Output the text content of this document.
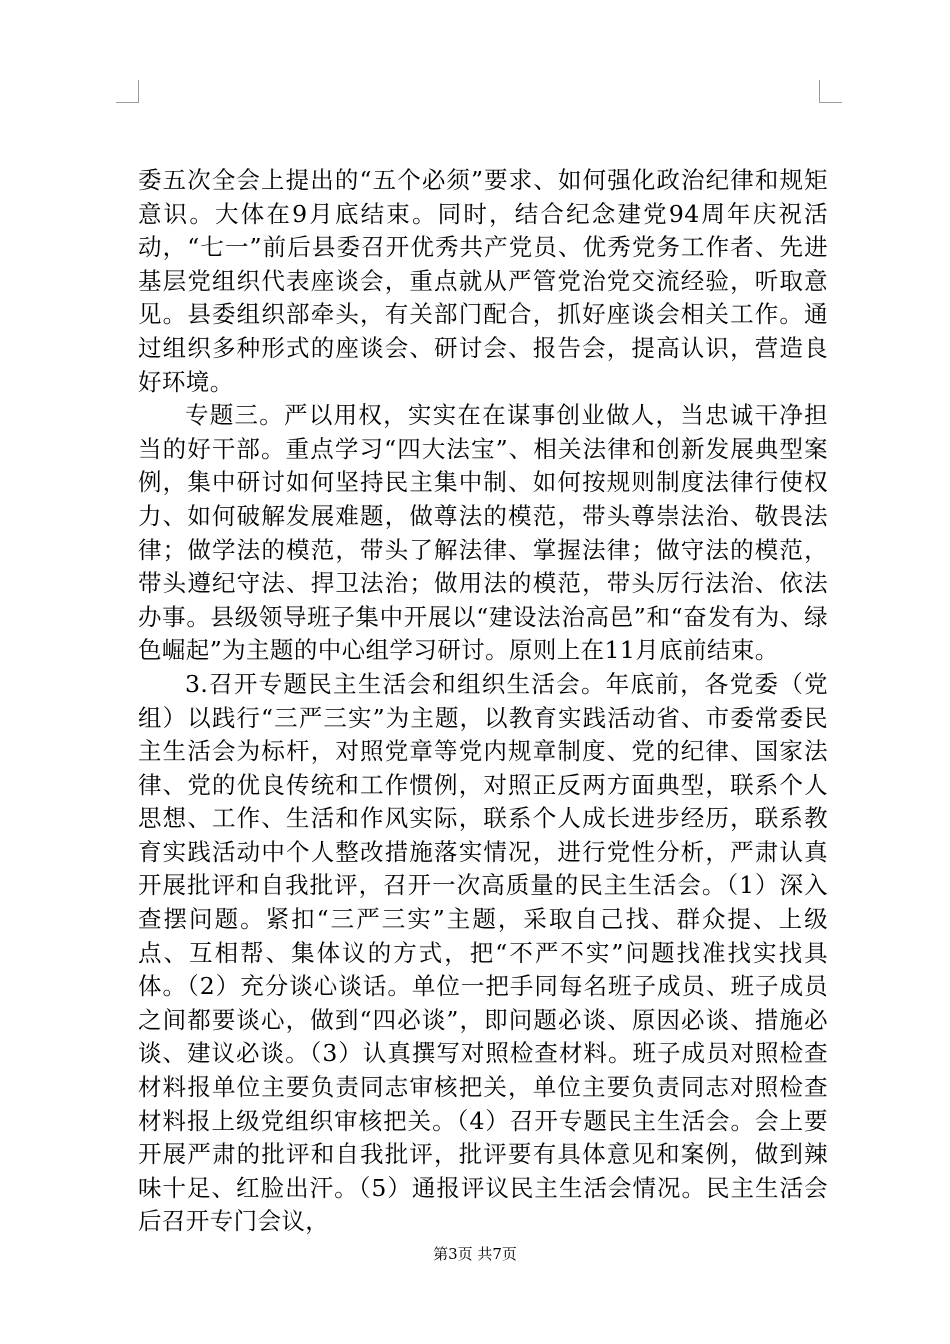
委五次全会上提出的“五个必须”要求、如何强化政治纪律和规矩意识。大体在9月底结束。同时，结合纪念建党94周年庆祝活动，“七一”前后县委召开优秀共产党员、优秀党务工作者、先进基层党组织代表座谈会，重点就从严管党治党交流经验，听取意见。县委组织部牵头，有关部门配合，抓好座谈会相关工作。通过组织多种形式的座谈会、研讨会、报告会，提高认识，营造良好环境。

专题三。严以用权，实实在在谋事创业做人，当忠诚干净担当的好干部。重点学习“四大法宝”、相关法律和创新发展典型案例，集中研讨如何坚持民主集中制、如何按规则制度法律行使权力、如何破解发展难题，做尊法的模范，带头尊崇法治、敬畏法律；做学法的模范，带头了解法律、掌握法律；做守法的模范，带头遵纪守法、捍卫法治；做用法的模范，带头厉行法治、依法办事。县级领导班子集中开展以“建设法治高邑”和“奋发有为、绿色崛起”为主题的中心组学习研讨。原则上在11月底前结束。

3.召开专题民主生活会和组织生活会。年底前，各党委（党组）以践行“三严三实”为主题，以教育实践活动省、市委常委民主生活会为标杆，对照党章等党内规章制度、党的纪律、国家法律、党的优良传统和工作惯例，对照正反两方面典型，联系个人思想、工作、生活和作风实际，联系个人成长进步经历，联系教育实践活动中个人整改措施落实情况，进行党性分析，严肃认真开展批评和自我批评，召开一次高质量的民主生活会。（1）深入查摆问题。紧扣“三严三实”主题，采取自己找、群众提、上级点、互相帮、集体议的方式，把“不严不实”问题找准找实找具体。（2）充分谈心谈话。单位一把手同每名班子成员、班子成员之间都要谈心，做到“四必谈”，即问题必谈、原因必谈、措施必谈、建议必谈。（3）认真撰写对照检查材料。班子成员对照检查材料报单位主要负责同志审核把关，单位主要负责同志对照检查材料报上级党组织审核把关。（4）召开专题民主生活会。会上要开展严肃的批评和自我批评，批评要有具体意见和案例，做到辣味十足、红脸出汗。（5）通报评议民主生活会情况。民主生活会后召开专门会议，

第3页 共7页
